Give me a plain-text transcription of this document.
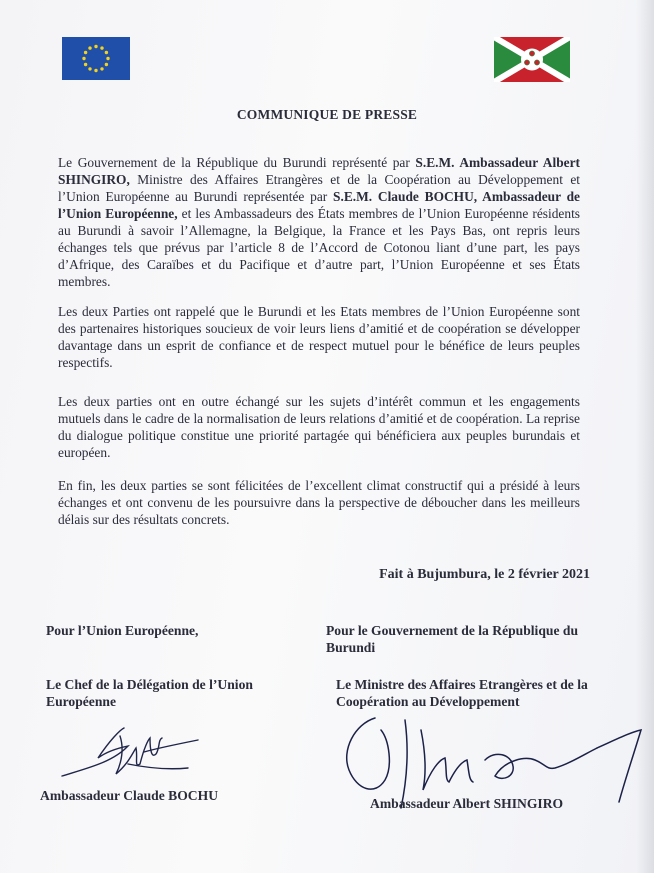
COMMUNIQUE DE PRESSE

Le Gouvernement de la République du Burundi représenté par S.E.M. Ambassadeur Albert SHINGIRO, Ministre des Affaires Etrangères et de la Coopération au Développement et l’Union Européenne au Burundi représentée par S.E.M. Claude BOCHU, Ambassadeur de l’Union Européenne, et les Ambassadeurs des États membres de l’Union Européenne résidents au Burundi à savoir l’Allemagne, la Belgique, la France et les Pays Bas, ont repris leurs échanges tels que prévus par l’article 8 de l’Accord de Cotonou liant d’une part, les pays d’Afrique, des Caraïbes et du Pacifique et d’autre part, l’Union Européenne et ses États membres.

Les deux Parties ont rappelé que le Burundi et les Etats membres de l’Union Européenne sont des partenaires historiques soucieux de voir leurs liens d’amitié et de coopération se développer davantage dans un esprit de confiance et de respect mutuel pour le bénéfice de leurs peuples respectifs.

Les deux parties ont en outre échangé sur les sujets d’intérêt commun et les engagements mutuels dans le cadre de la normalisation de leurs relations d’amitié et de coopération. La reprise du dialogue politique constitue une priorité partagée qui bénéficiera aux peuples burundais et européen.

En fin, les deux parties se sont félicitées de l’excellent climat constructif qui a présidé à leurs échanges et ont convenu de les poursuivre dans la perspective de déboucher dans les meilleurs délais sur des résultats concrets.

Fait à Bujumbura, le 2 février 2021
Pour l’Union Européenne,	Pour le Gouvernement de la République du Burundi
Le Chef de la Délégation de l’Union Européenne
Le Ministre des Affaires Etrangères et de la Coopération au Développement
Ambassadeur Claude BOCHU
Ambassadeur Albert SHINGIRO
